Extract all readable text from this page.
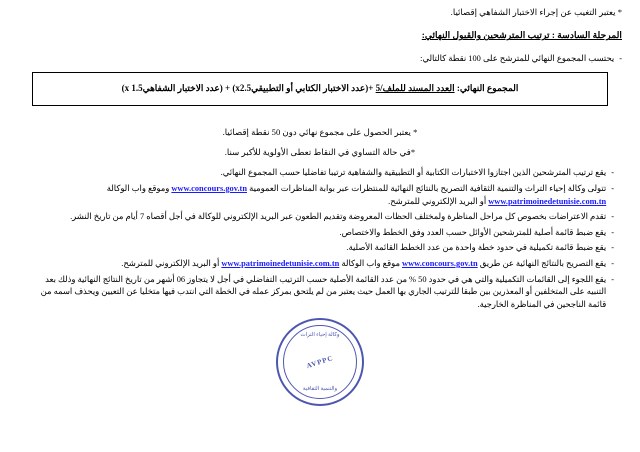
* يعتبر التغيب عن إجراء الاختبار الشفاهي إقصائيا.
المرحلة السادسة : ترتيب المترشحين والقبول النهائي:
-
يحتسب المجموع النهائي للمترشح على 100 نقطة كالتالي:
المجموع النهائي: العدد المسند للملف/5 +(عدد الاختبار الكتابي أو التطبيقيx2.5) + (عدد الاختبار الشفاهيx 1.5)
* يعتبر الحصول على مجموع نهائي دون 50 نقطة إقصائيا.
*في حالة التساوي في النقاط تعطى الأولوية للأكبر سنا.
-
يقع ترتيب المترشحين الذين اجتازوا الاختبارات الكتابية أو التطبيقية والشفاهية ترتيبا تفاضليا حسب المجموع النهائي.
-
تتولى وكالة إحياء التراث والتنمية الثقافية التصريح بالنتائج النهائية للمنتظرات عبر بوابة المناظرات العمومية www.concours.gov.tn وموقع واب الوكالة www.patrimoinedetunisie.com.tn أو البريد الإلكتروني للمترشح.
-
تقدم الاعتراضات بخصوص كل مراحل المناظرة ولمختلف الحظات المعروضة وتقديم الطعون عبر البريد الإلكتروني للوكالة في أجل أقصاه 7 أيام من تاريخ النشر.
-
يقع ضبط قائمة أصلية للمترشحين الأوائل حسب العدد وفق الخطط والاختصاص.
-
يقع ضبط قائمة تكميلية في حدود خطة واحدة من عدد الخطط القائمة الأصلية.
-
يقع التصريح بالنتائج النهائية عن طريق www.concours.gov.tn موقع واب الوكالة www.patrimoinedetunisie.com.tn أو البريد الإلكتروني للمترشح.
-
يقع اللجوء إلى القائمات التكميلية والتي هي في حدود 50 % من عدد القائمة الأصلية حسب الترتيب التفاضلي في أجل لا يتجاوز 06 أشهر من تاريخ النتائج النهائية وذلك بعد التنبيه على المتخلفين أو المعذرين بين طبقا للترتيب الجاري بها العمل حيث يعتبر من لم يلتحق بمركز عمله في الخطة التي انتدب فيها متخليا عن التعيين ويحذف اسمه من قائمة الناجحين في المناظرة الخارجية.
وكالة إحياء التراث
AVPPC
والتنمية الثقافية
